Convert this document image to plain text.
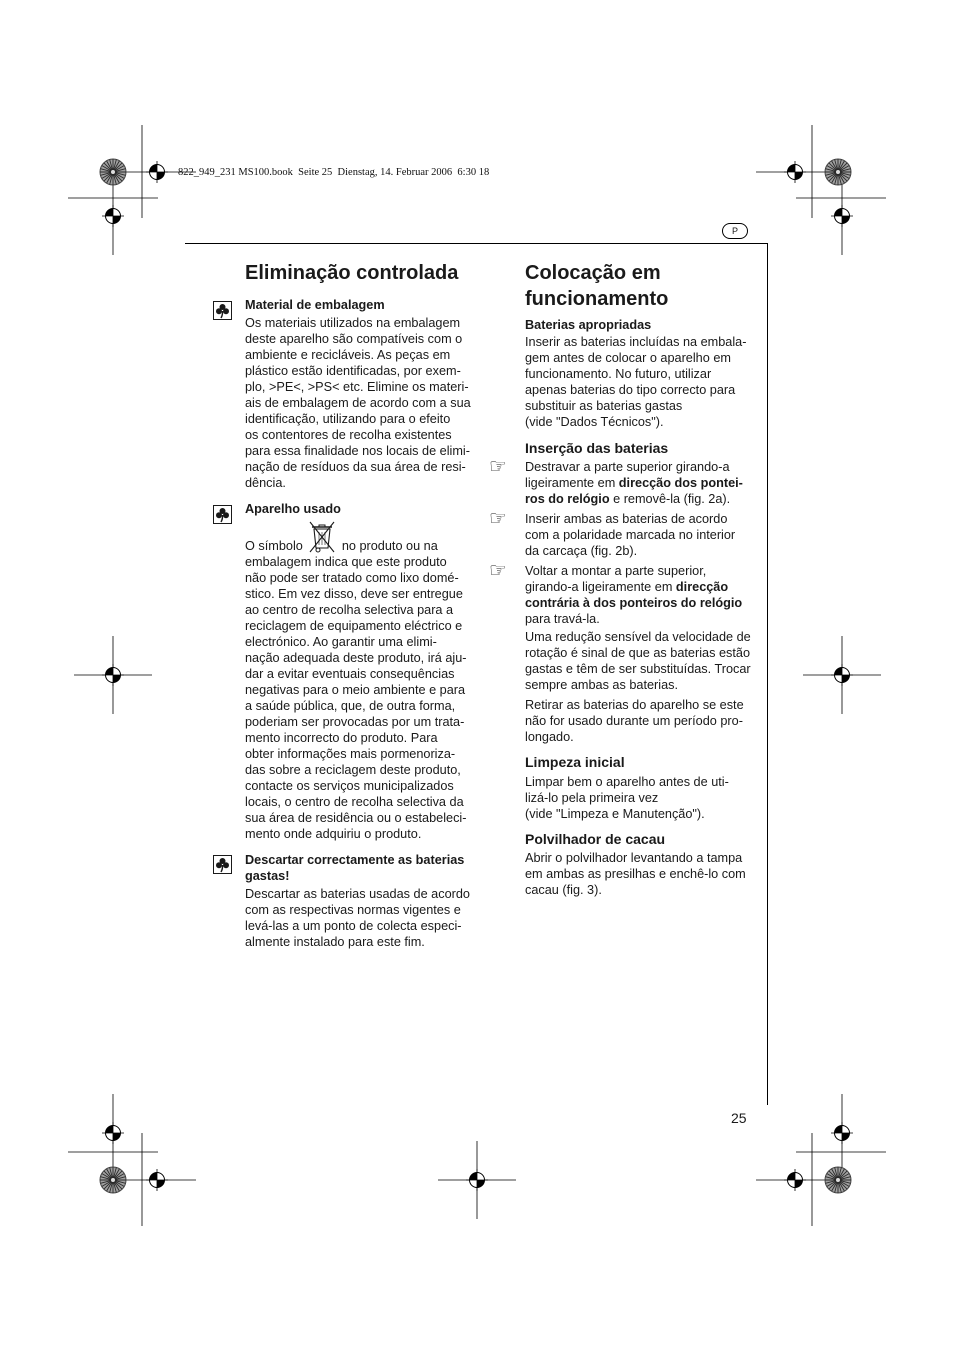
822_949_231 MS100.book  Seite 25  Dienstag, 14. Februar 2006  6:30 18
P
25
Eliminação controlada
Material de embalagem
Os materiais utilizados na embalagem
deste aparelho são compatíveis com o
ambiente e recicláveis. As peças em
plástico estão identificadas, por exem-
plo, >PE<, >PS< etc. Elimine os materi-
ais de embalagem de acordo com a sua
identificação, utilizando para o efeito
os contentores de recolha existentes
para essa finalidade nos locais de elimi-
nação de resíduos da sua área de resi-
dência.
Aparelho usado
O símbolo	no produto ou na
embalagem indica que este produto
não pode ser tratado como lixo domé-
stico. Em vez disso, deve ser entregue
ao centro de recolha selectiva para a
reciclagem de equipamento eléctrico e
electrónico. Ao garantir uma elimi-
nação adequada deste produto, irá aju-
dar a evitar eventuais consequências
negativas para o meio ambiente e para
a saúde pública, que, de outra forma,
poderiam ser provocadas por um trata-
mento incorrecto do produto. Para
obter informações mais pormenoriza-
das sobre a reciclagem deste produto,
contacte os serviços municipalizados
locais, o centro de recolha selectiva da
sua área de residência ou o estabeleci-
mento onde adquiriu o produto.
Descartar correctamente as baterias
gastas!
Descartar as baterias usadas de acordo
com as respectivas normas vigentes e
levá-las a um ponto de colecta especi-
almente instalado para este fim.
Colocação em
funcionamento
Baterias apropriadas
Inserir as baterias incluídas na embala-
gem antes de colocar o aparelho em
funcionamento. No futuro, utilizar
apenas baterias do tipo correcto para
substituir as baterias gastas
(vide "Dados Técnicos").
Inserção das baterias
☞
Destravar a parte superior girando-a
ligeiramente em direcção dos pontei-
ros do relógio e removê-la (fig. 2a).
☞
Inserir ambas as baterias de acordo
com a polaridade marcada no interior
da carcaça (fig. 2b).
☞
Voltar a montar a parte superior,
girando-a ligeiramente em direcção
contrária à dos ponteiros do relógio
para travá-la.
Uma redução sensível da velocidade de
rotação é sinal de que as baterias estão
gastas e têm de ser substituídas. Trocar
sempre ambas as baterias.
Retirar as baterias do aparelho se este
não for usado durante um período pro-
longado.
Limpeza inicial
Limpar bem o aparelho antes de uti-
lizá-lo pela primeira vez
(vide "Limpeza e Manutenção").
Polvilhador de cacau
Abrir o polvilhador levantando a tampa
em ambas as presilhas e enchê-lo com
cacau (fig. 3).
